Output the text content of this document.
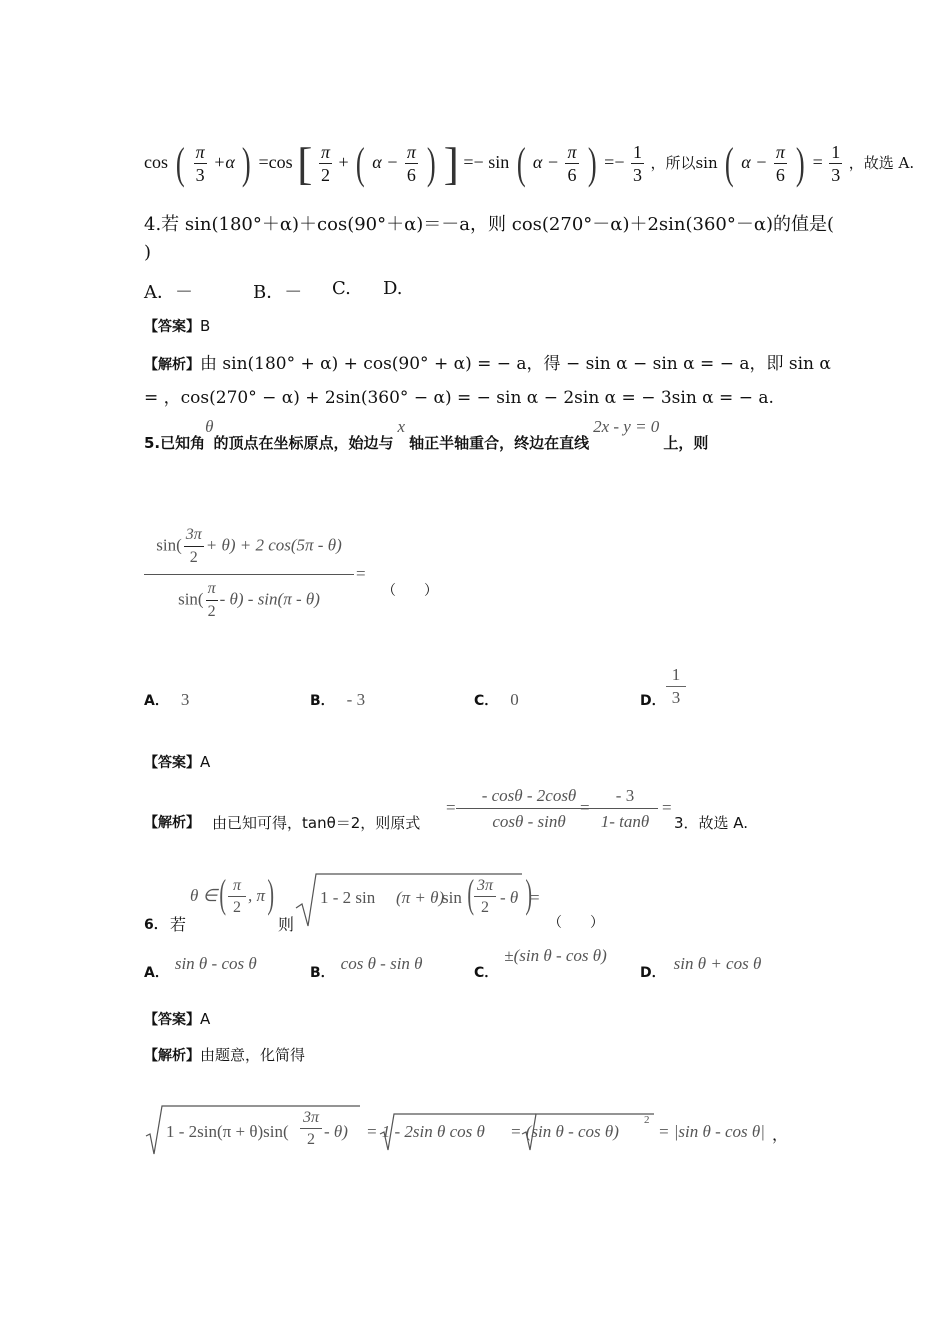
cos ( $\frac{\pi}{3} +\alpha$ ) =cos [ $\frac{\pi}{2}$ + ( $\alpha - \frac{\pi}{6}$ ) ] =− sin ( $\alpha - \frac{\pi}{6}$ ) =− $\frac{1}{3}$ ，所以sin ( $\alpha - \frac{\pi}{6}$ ) = $\frac{1}{3}$ ，故选 A.
4.若 sin(180°＋α)＋cos(90°＋α)＝－a，则 cos(270°－α)＋2sin(360°－α)的值是(
)
A．－	B．－ C. D.
【答案】B
【解析】由 sin(180° + α) + cos(90° + α) = − a，得 − sin α − sin α = − a，即 sin α
= ，cos(270° − α) + 2sin(360° − α) = − sin α − 2sin α = − 3sin α = − a.
5.已知角θ的顶点在坐标原点，始边与x轴正半轴重合，终边在直线2x - y = 0上，则
$\sin( \frac{3\pi}{2} + \theta) + 2$ cos(5π - θ)
=
（　　）
$\sin( \frac{\pi}{2} - \theta) - \sin(\pi - \theta)$
A． 3	B． - 3	C． 0	D．
1
3
【答案】A
【解析】 由已知可得，tanθ＝2，则原式
=
- cosθ - 2cosθ
cosθ - sinθ
=
- 3
1- tanθ
=
3．故选 A.
6． 若
θ ∈ ( π
2
, π )
则
1 - 2 sin (π + θ)
sin ( 3π
2
- θ )
=
（　　）
A． sin θ - cos θ	B． cos θ - sin θ	C．±(sin θ - cos θ)
D． sin θ + cos θ
【答案】A
【解析】由题意，化简得
1 - 2sin(π + θ)sin(
3π
2 - θ) = 1 - 2sin θ cos θ = (sin θ - cos θ)
2
= |sin θ - cos θ| ，
